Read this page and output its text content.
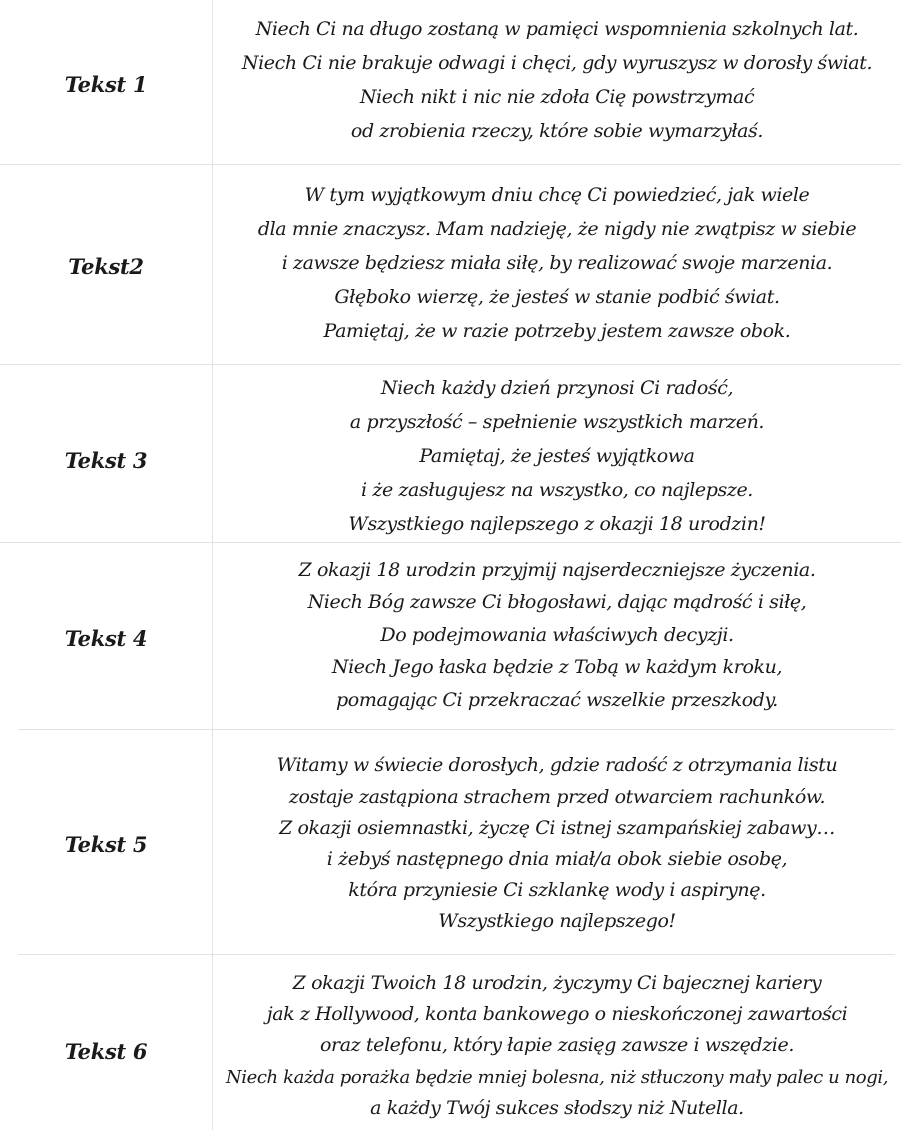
Tekst 1
Niech Ci na długo zostaną w pamięci wspomnienia szkolnych lat.
Niech Ci nie brakuje odwagi i chęci, gdy wyruszysz w dorosły świat.
Niech nikt i nic nie zdoła Cię powstrzymać
od zrobienia rzeczy, które sobie wymarzyłaś.
Tekst2
W tym wyjątkowym dniu chcę Ci powiedzieć, jak wiele
dla mnie znaczysz. Mam nadzieję, że nigdy nie zwątpisz w siebie
i zawsze będziesz miała siłę, by realizować swoje marzenia.
Głęboko wierzę, że jesteś w stanie podbić świat.
Pamiętaj, że w razie potrzeby jestem zawsze obok.
Tekst 3
Niech każdy dzień przynosi Ci radość,
a przyszłość – spełnienie wszystkich marzeń.
Pamiętaj, że jesteś wyjątkowa
i że zasługujesz na wszystko, co najlepsze.
Wszystkiego najlepszego z okazji 18 urodzin!
Tekst 4
Z okazji 18 urodzin przyjmij najserdeczniejsze życzenia.
Niech Bóg zawsze Ci błogosławi, dając mądrość i siłę,
Do podejmowania właściwych decyzji.
Niech Jego łaska będzie z Tobą w każdym kroku,
pomagając Ci przekraczać wszelkie przeszkody.
Tekst 5
Witamy w świecie dorosłych, gdzie radość z otrzymania listu
zostaje zastąpiona strachem przed otwarciem rachunków.
Z okazji osiemnastki, życzę Ci istnej szampańskiej zabawy…
i żebyś następnego dnia miał/a obok siebie osobę,
która przyniesie Ci szklankę wody i aspirynę.
Wszystkiego najlepszego!
Tekst 6
Z okazji Twoich 18 urodzin, życzymy Ci bajecznej kariery
jak z Hollywood, konta bankowego o nieskończonej zawartości
oraz telefonu, który łapie zasięg zawsze i wszędzie.
Niech każda porażka będzie mniej bolesna, niż stłuczony mały palec u nogi,
a każdy Twój sukces słodszy niż Nutella.
